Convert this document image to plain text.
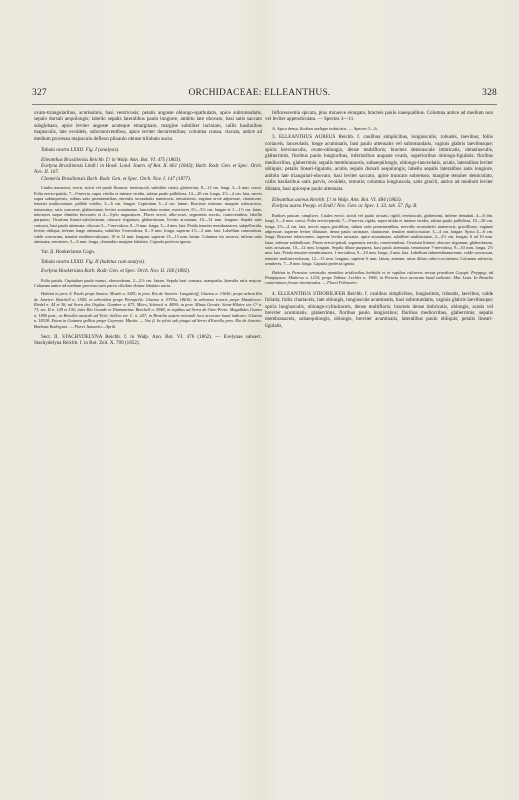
327	ORCHIDACEAE: ELLEANTHUS.	328
ovato-triangularibus, acutissimis, basi ventricosis; petalis anguste oblongo-spathulatis, apice subrotundatis, sepalo dorsali aequilongis; labello sepalis lateralibus paulo longiore, ambitu late obovato, basi satis saccato subglobaso, apice leviter anguste acuteque emarginato, margine subtiliter laciniato, callis basilaribus majusculis, late ovoideis, subconniventibus, apice leviter decurrentibus; columna crassa, clavata, antice ad medium procesau majusculo deflexo piloaulo obtuse trilobato aucta.
Tabula nostra LXXII. Fig. I (analysis).
Elleanthus Brasiliensis Reichb. f.! in Walp. Ann. Bot. VI. 475 (1863).
Evelyna Brasiliensis Lindl.! in Hook. Lond. Journ. of Bot. II. 661 (1843); Barb. Rodr. Gen. et Spec. Orch. Nov. II. 167.
Clomeria Brasiliensis Barb. Rodr. Gen. et Spec. Orch. Nov. I. 147 (1877).
Caules numerosi, erecti, stricti vel paulo flexuosi, teretiusculi, subtiliter striati, glaberrimi, 8—13 cm. longi, 3—4 mm. crassi. Folia erecto-patula, 7—9-nervia, supra viridia et intense viridia, subtus paulo pallidiora, 14—20 cm. longa, 2½—4 cm. lata, nervis supra subimpressis, subtus satis prominentibus, nervulis secundariis numerosis, tenuissimis; vaginae arcte adpressae, chartaceae, tenuiter multicostatae, pallide virides, 3—6 cm. longae. Capitulum 3—4 cm. latum. Bracteae extimae, margine subscarioso, tenuissime, satis concavae, glaberrimae, leviter acuminatae, lanceolato-ovatae, exteriores 3½—5½ cm. longae et 1—1½ cm. latae, interiores usque dimidio breviores et 2—3-plo angustiores. Flores erecti, albo-rosei, segmentis erectis, conniventibus, labello purpureo. Ovarium lineari-subclavatum, obscure trigonum, glaberrimum, leviter arcuatum, 10—12 mm. longum. Sepala satis concava, basi paulo attenuata, obscure 5—7-nervulosa, 8—9 mm. longa, 3—4 mm. lata. Petala tenuiter membranacea, subpellucida, leviter obliqua, inferne longe attenuata, subtiliter 5-nervulosa, 8—9 mm. longa, superne 2½—3 mm. lata. Labellum carnosulum, valde concavum, tenuiter multinervulosum, 10 et 12 mm. longum, superne 13—15 mm. latum. Columna vix incurva, inferne satis attenuata, semiteres, 5—6 mm. longa, clinandrio margine lobulato. Capsula perfecta ignota.
Var. β. Hookerianus Cogn.
Tabula nostra LXXII. Fig. II (habitus cum analysi).
Evelyna Hookeriana Barb. Rodr. Gen. et Spec. Orch. Nov. II. 166 (1882).
Folia patula. Capitulum paulo minus, obovoideum, 2—2½ cm. latum. Sepala basi connata, inaequalia, lateralia satis majora. Columna antice ad medium processu satis parvo ciliolato obtuse lobulato aucta.
Habitat in prov. S. Paulo prope Santos: Mosén n. 3285; in prov. Rio de Janeiro: Langsdorff, Glaziou n. 15646; prope urbem Rio de Janeiro: Burchell n. 1505; in arboribus prope Petropolis: Glaziou n. 9755a, 18616; in arboreus truncis prope Mandiocca: Riedel n. 44 et 36; ad Serra dos Orgãos: Gardner n. 673, Miers, Schenck n. 4890; in prov. Minas Geraës: Saint-Hilaire ser. C¹ n. 73, ser. D n. 128 et 130; inter Rio Grande et Diamantina: Burchell n. 5948; in rupibus ad Serra de Ouro Preto: Magalhães Gomes n. 1896 part.; in Brasilia australi ad Tirió: Sellow ser. C. n. 247; in Brasilia austro-orientali loco accurato haud indicato: Glaziou n. 18538. Etiam in Guianea gallica prope Cayenna: Martin. — Var. β. In sylvis sub pingui ad Serra d'Estrella prov. Rio de Janeiro: Barbosa Rodrigues. — Floret Januario—Aprili.
Sect. II. STACHYDELYNA Reichb. f. in Walp. Ann. Bot. VI. 476 (1862). — Evelynae subsect. Stachydelyna Reichb. f. in Bot. Zeit. X. 709 (1852).
Inflorescentia spicata, plus minusve elongata, bracteis paulo inaequalibus. Columna antice ad medium non vel leviter appendiculata. — Species 3—11.
A. Spica densa, floribus undique imbricatis. — Species 3—6.
3. ELLEANTHUS AUREUS Reichb. f. caulibus simplicibus, longiusculis, robustis, laevibus; foliis coriaceis, lanceolatis, longe acuminatis, basi paulo attenuatis vel subrotundatis, vaginis glabris laevibusque; spicis breviusculis, ovato-oblongis, dense multifloris; bracteis densiuscule imbricatis, obtusiusculis, glaberrimis, floribus paulo longioribus, inferioribus anguste ovatis, superioribus oblongo-ligulatis; floribus mediocribus, glaberrimis; sepalis membranaceis, subaequilongis, oblongo-lanceolatis, acutis, lateralibus leviter obliquis; petalis lineari-ligulatis, acutis, sepalo dorsali aequilongis; labello sepalis lateralibus satis longiore, ambitu late triangulari-obovato, basi leviter saccato, apice truncato subretuso, margine tenuiter denticulato, callis basilaribus satis parvis, ovoideis, remotis; columna longiuscula, satis gracili, antice ad medium leviter dilatata, basi apiceque paulo attenuata.
Elleanthus aureus Reichb. f.! in Walp. Ann. Bot. VI. 484 (1863).
Evelyna aurea Poepp. et Endl.! Nov. Gen. ac Spec. I. 33. tab. 57. fig. B.
Radices paucae, simplices. Caules erecti, stricti vel paulo arcuati, rigidi, teretiusculi, glaberrimi, inferne denudati, 4—6 dm. longi, 5—6 mm. crassi. Folia erecto-patula, 7—9-nervia, rigida, supra nitida et intense viridia, subtus paulo pallidiora, 10—20 cm. longa, 2½—4 cm. lata, nervis supra gracilibus, subtus satis prominentibus, nervulis secundariis numerosis, gracillimis; vaginae adpressae, superne leviter dilatatae, dense paulo carinatae, chartaceae, tenuiter multicostatae, 3—4 cm. longae. Spica 4—6 cm. longa. Bracteae rubescentes, superne leviter arcuatae, apice acuminatae, subtiliter multistriatae, 2—2½ cm. longae, 6 ad 10 mm. latae, infimae subbullosae. Flores erecto-patuli, segmentis erectis, conniventibus. Ovarium lineare, obscure trigonum, glaberrimum, satis arcuatum, 10—12 mm. longum. Sepala dilute purpurea, basi paulo attenuata, tenuissime 7-nervulosa, 9—10 mm. longa, 2½ mm. lata. Petala tenuiter membranacea, 1-nervulosa, 9—10 mm. longa, 2 mm. lata. Labellum submembranaceum, valde concavum, tenuiter multinervulosum, 12—13 mm. longum, superne 6 mm. latum, aureum, intus dilute rubro-coccineum. Columna subrecta, semiteres, 7—8 mm. longa. Capsula perfecta ignota.
Habitat in Peruviae orientalis montibus aridioribus herbidis et in rupibus calcareis versus praedium Cuyapi: Poeppig; ad Pampayacu: Mathews n. 1234; prope Tabina: Lechler n. 1966; in Peruvia loco accurato haud indicato: Mac Lean. In Brasilia conterminae forsan inveniendus. — Floret Februario.
4. ELLEANTHUS STROBILIFER Reichb. f. caulibus simplicibus, longissimis, robustis, laevibus, valde foliatis; foliis chartaceis, late oblongis, longiuscule acuminatis, basi subrotundatis, vaginis glabris laevibusque; spicis longiusculis, oblongo-cylindraceis, dense multifloris; bracteis dense imbricatis, oblongis, acutis vel breviter acuminatis, glaberrimis, floribus paulo longioribus; floribus mediocribus, glaberrimis; sepalis membranaceis, subaequilongis, oblongis, breviter acuminatis, lateralibus paulo obliquis; petalis lineari-ligulatis,
